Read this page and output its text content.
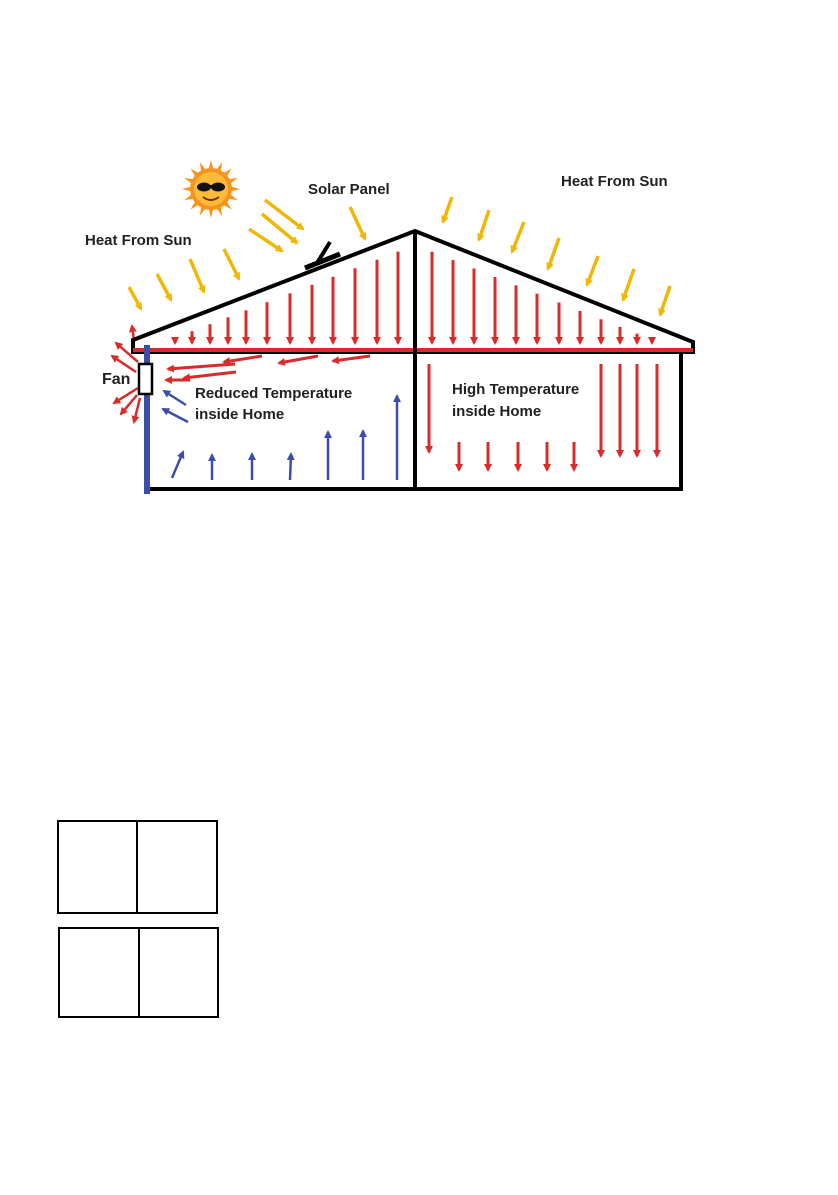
Heat From Sun
Solar Panel	Heat From Sun
Fan
Reduced Temperature
inside Home
High Temperature
inside Home
